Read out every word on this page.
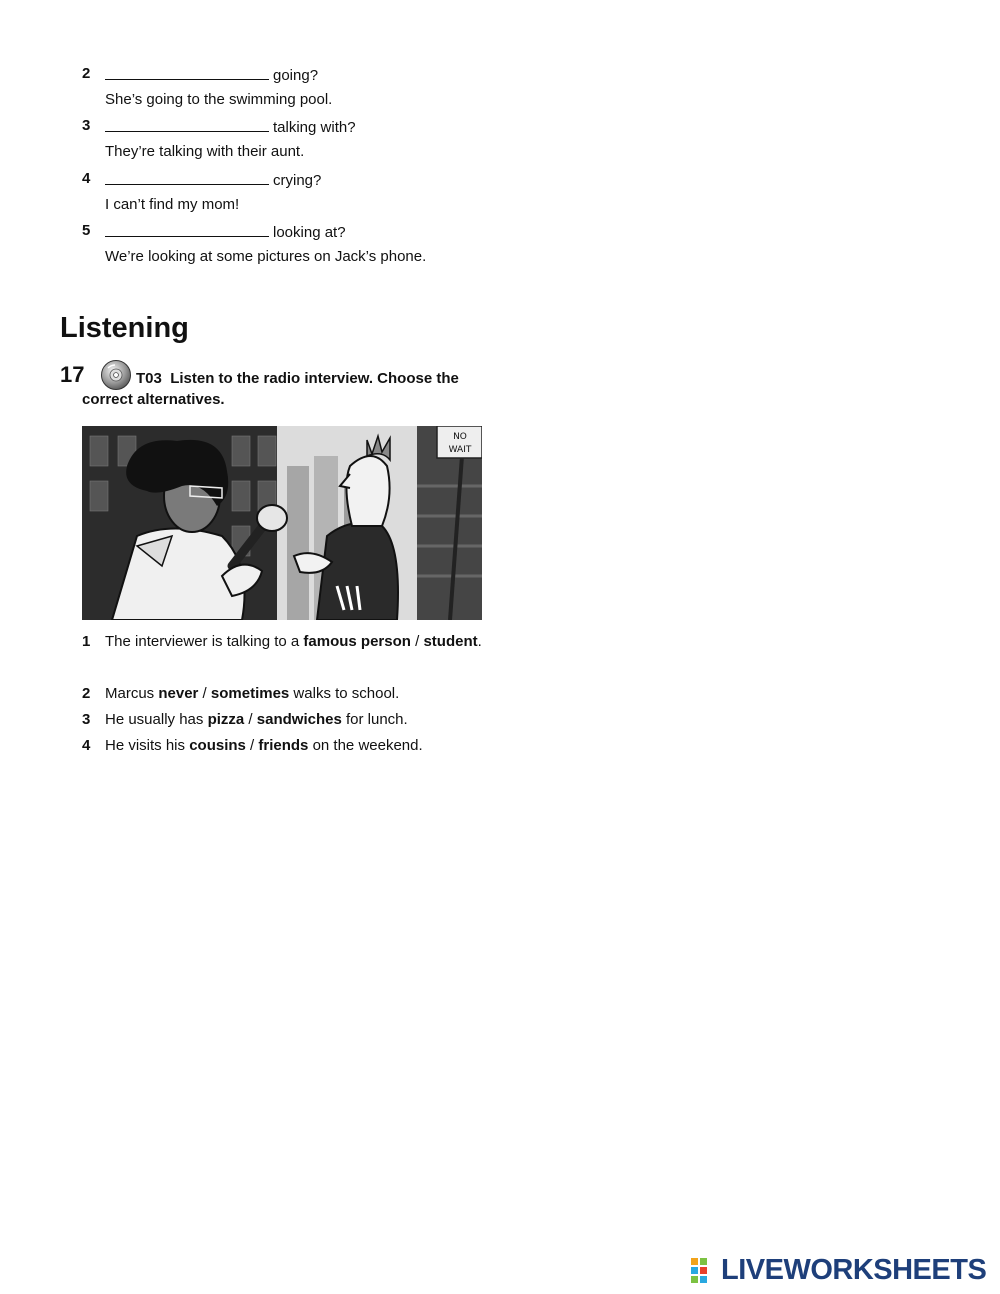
2	going?
She’s going to the swimming pool.
3	talking with?
They’re talking with their aunt.
4	crying?
I can’t find my mom!
5	looking at?
We’re looking at some pictures on Jack’s phone.
Listening
17	T03 Listen to the radio interview. Choose the correct alternatives.
NO
WAIT
1 The interviewer is talking to a famous person / student.
2 Marcus never / sometimes walks to school.
3 He usually has pizza / sandwiches for lunch.
4 He visits his cousins / friends on the weekend.
LIVEWORKSHEETS
